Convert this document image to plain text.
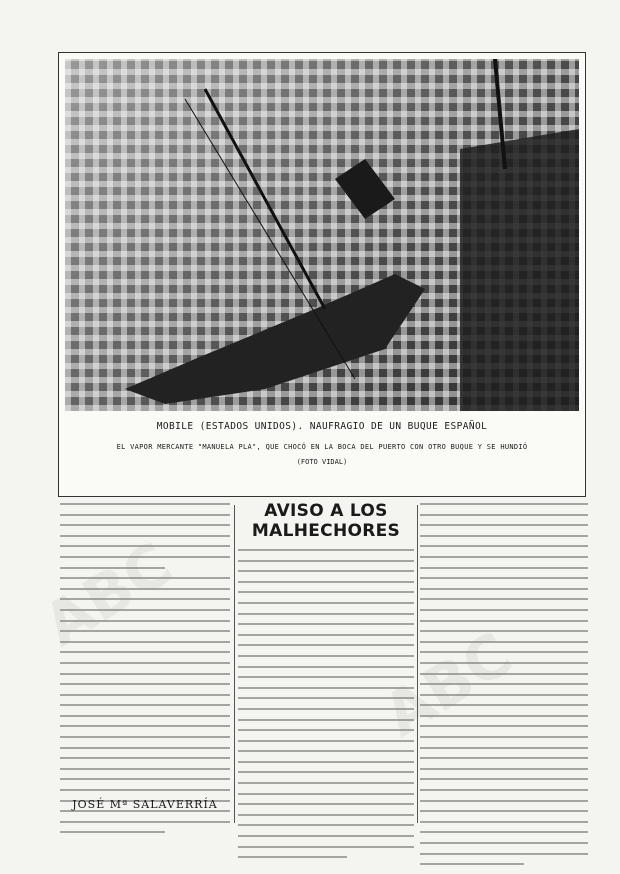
ABC
ABC
MOBILE (ESTADOS UNIDOS). NAUFRAGIO DE UN BUQUE ESPAÑOL
EL VAPOR MERCANTE "MANUELA PLA", QUE CHOCÓ EN LA BOCA DEL PUERTO CON OTRO BUQUE Y SE HUNDIÓ
(FOTO VIDAL)
JOSÉ Mª SALAVERRÍA
AVISO A LOS MALHECHORES
